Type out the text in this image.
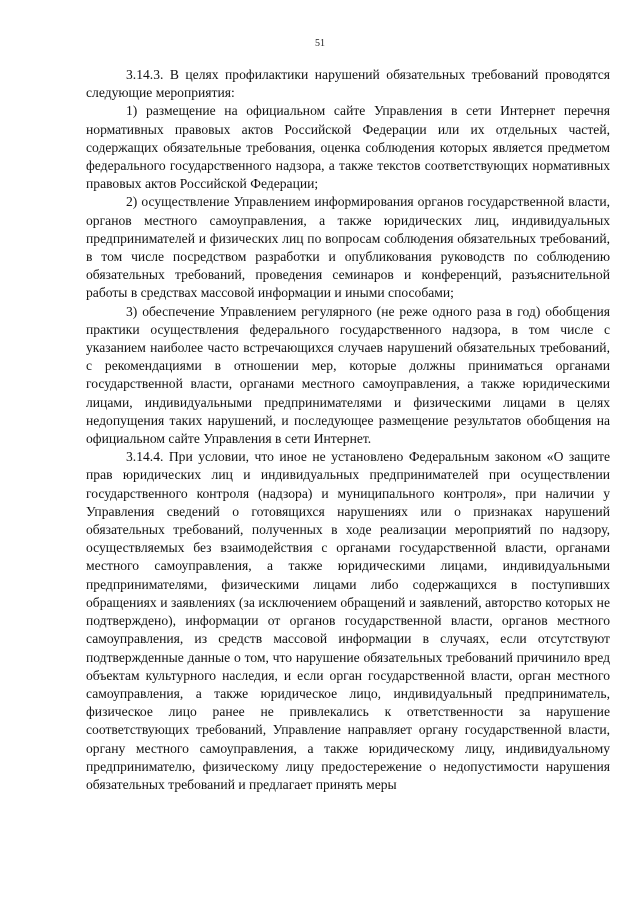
51

3.14.3. В целях профилактики нарушений обязательных требований проводятся следующие мероприятия:

1) размещение на официальном сайте Управления в сети Интернет перечня нормативных правовых актов Российской Федерации или их отдельных частей, содержащих обязательные требования, оценка соблюдения которых является предметом федерального государственного надзора, а также текстов соответствующих нормативных правовых актов Российской Федерации;

2) осуществление Управлением информирования органов государственной власти, органов местного самоуправления, а также юридических лиц, индивидуальных предпринимателей и физических лиц по вопросам соблюдения обязательных требований, в том числе посредством разработки и опубликования руководств по соблюдению обязательных требований, проведения семинаров и конференций, разъяснительной работы в средствах массовой информации и иными способами;

3) обеспечение Управлением регулярного (не реже одного раза в год) обобщения практики осуществления федерального государственного надзора, в том числе с указанием наиболее часто встречающихся случаев нарушений обязательных требований, с рекомендациями в отношении мер, которые должны приниматься органами государственной власти, органами местного самоуправления, а также юридическими лицами, индивидуальными предпринимателями и физическими лицами в целях недопущения таких нарушений, и последующее размещение результатов обобщения на официальном сайте Управления в сети Интернет.

3.14.4. При условии, что иное не установлено Федеральным законом «О защите прав юридических лиц и индивидуальных предпринимателей при осуществлении государственного контроля (надзора) и муниципального контроля», при наличии у Управления сведений о готовящихся нарушениях или о признаках нарушений обязательных требований, полученных в ходе реализации мероприятий по надзору, осуществляемых без взаимодействия с органами государственной власти, органами местного самоуправления, а также юридическими лицами, индивидуальными предпринимателями, физическими лицами либо содержащихся в поступивших обращениях и заявлениях (за исключением обращений и заявлений, авторство которых не подтверждено), информации от органов государственной власти, органов местного самоуправления, из средств массовой информации в случаях, если отсутствуют подтвержденные данные о том, что нарушение обязательных требований причинило вред объектам культурного наследия, и если орган государственной власти, орган местного самоуправления, а также юридическое лицо, индивидуальный предприниматель, физическое лицо ранее не привлекались к ответственности за нарушение соответствующих требований, Управление направляет органу государственной власти, органу местного самоуправления, а также юридическому лицу, индивидуальному предпринимателю, физическому лицу предостережение о недопустимости нарушения обязательных требований и предлагает принять меры
